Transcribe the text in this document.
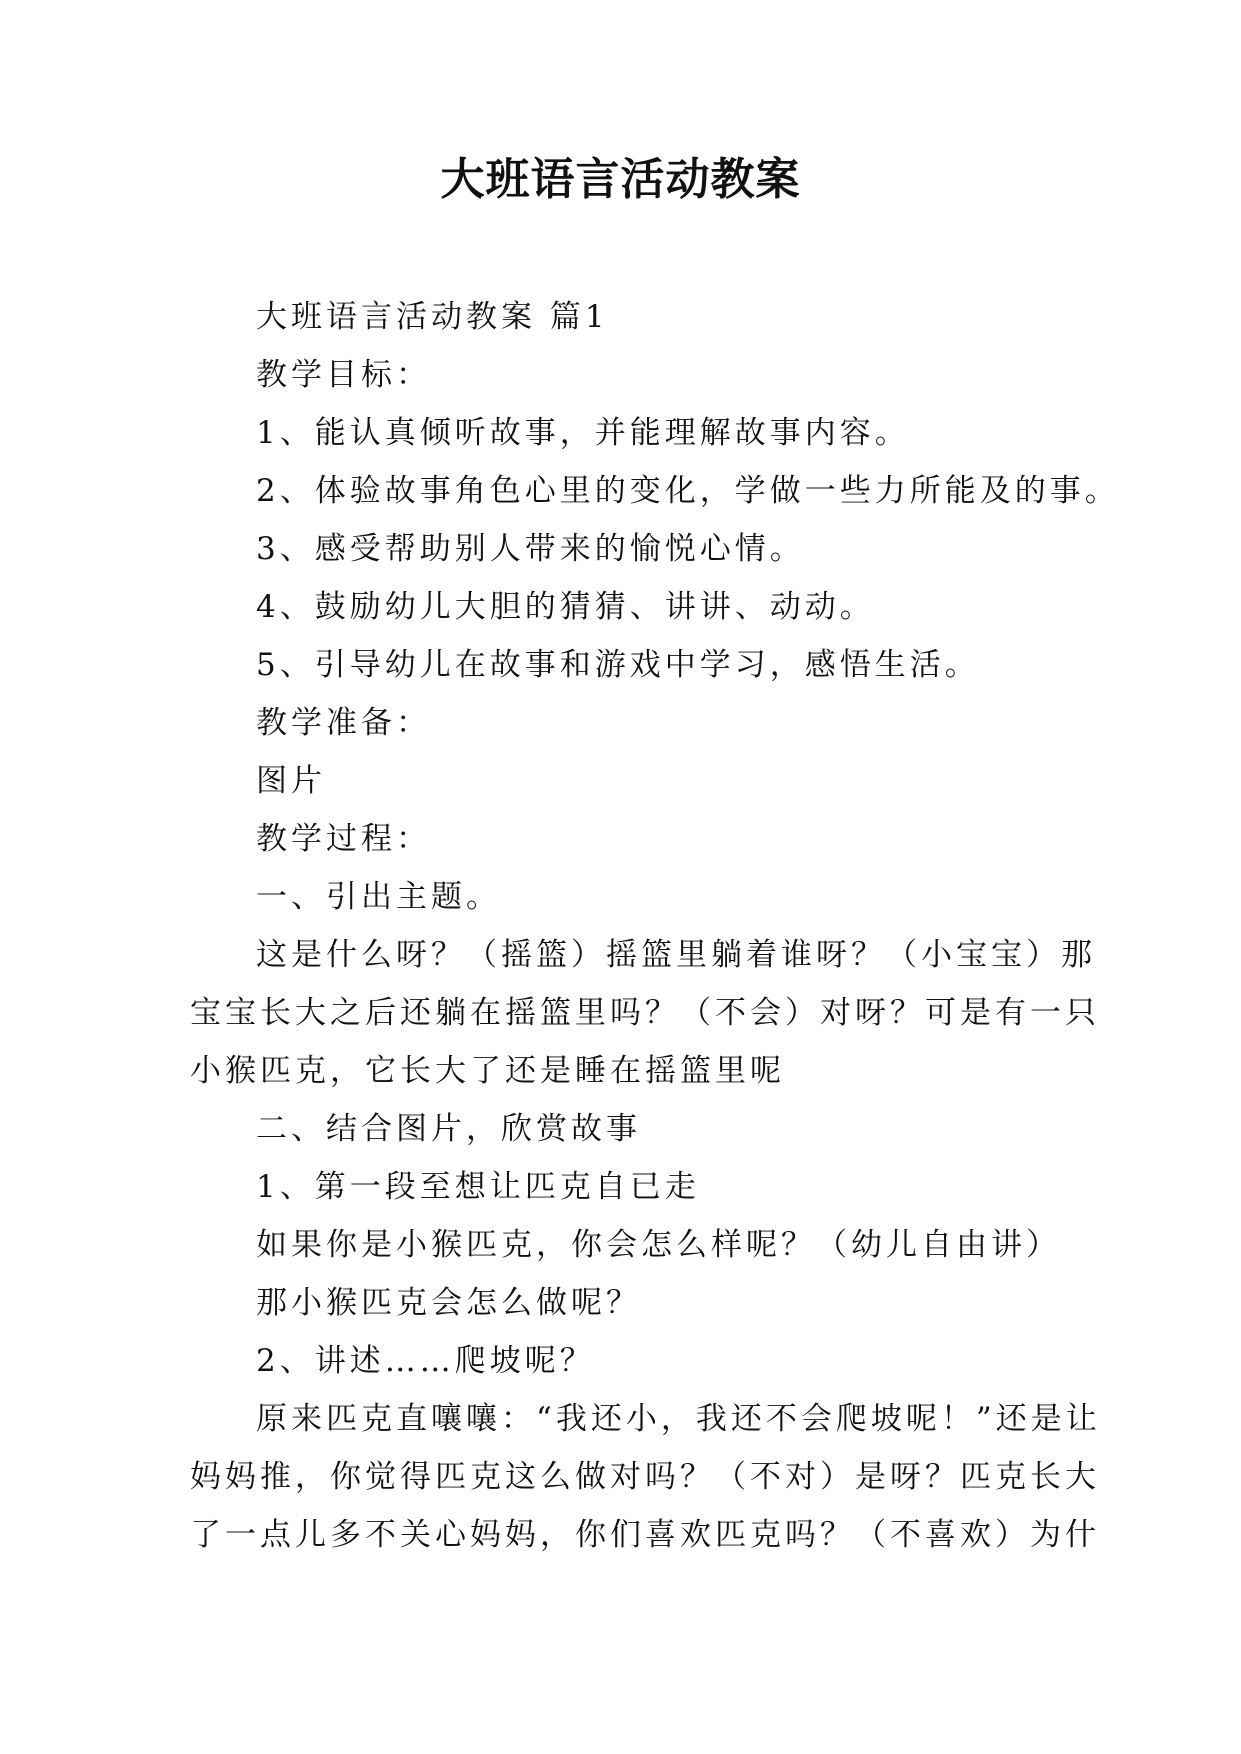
大班语言活动教案

大班语言活动教案 篇1

教学目标：

1、能认真倾听故事，并能理解故事内容。

2、体验故事角色心里的变化，学做一些力所能及的事。

3、感受帮助别人带来的愉悦心情。

4、鼓励幼儿大胆的猜猜、讲讲、动动。

5、引导幼儿在故事和游戏中学习，感悟生活。

教学准备：

图片

教学过程：

一、引出主题。

这是什么呀？（摇篮）摇篮里躺着谁呀？（小宝宝）那

宝宝长大之后还躺在摇篮里吗？（不会）对呀？可是有一只

小猴匹克，它长大了还是睡在摇篮里呢

二、结合图片，欣赏故事

1、第一段至想让匹克自已走

如果你是小猴匹克，你会怎么样呢？（幼儿自由讲）

那小猴匹克会怎么做呢？

2、讲述……爬坡呢？

原来匹克直嚷嚷：“我还小，我还不会爬坡呢！”还是让

妈妈推，你觉得匹克这么做对吗？（不对）是呀？匹克长大

了一点儿多不关心妈妈，你们喜欢匹克吗？（不喜欢）为什
